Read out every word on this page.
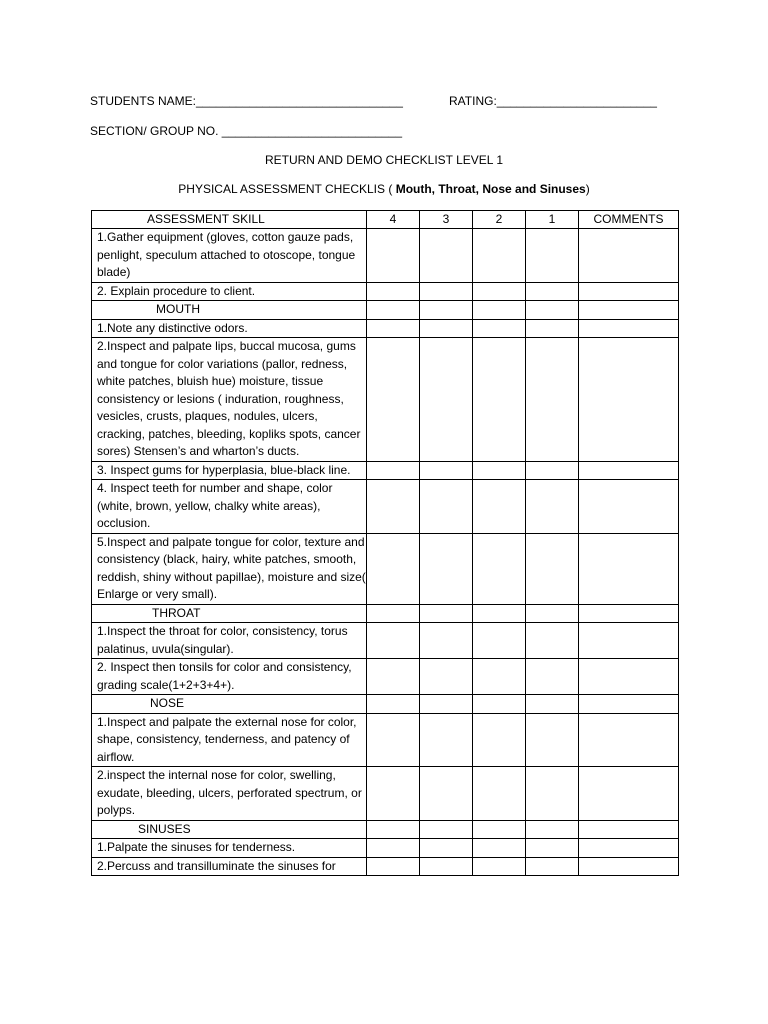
STUDENTS NAME:_______________________________	RATING:________________________
SECTION/ GROUP NO. ___________________________
RETURN AND DEMO CHECKLIST LEVEL 1
PHYSICAL ASSESSMENT CHECKLIS ( Mouth, Throat, Nose and Sinuses)
ASSESSMENT SKILL	4	3	2	1	COMMENTS
1.Gather equipment (gloves, cotton gauze pads, penlight, speculum attached to otoscope, tongue blade)					
2. Explain procedure to client.					
MOUTH					
1.Note any distinctive odors.					
2.Inspect and palpate lips, buccal mucosa, gums and tongue for color variations (pallor, redness, white patches, bluish hue) moisture, tissue consistency or lesions ( induration, roughness, vesicles, crusts, plaques, nodules, ulcers, cracking, patches, bleeding, kopliks spots, cancer sores) Stensen’s and wharton’s ducts.					
3. Inspect gums for hyperplasia, blue-black line.					
4. Inspect teeth for number and shape, color (white, brown, yellow, chalky white areas), occlusion.					
5.Inspect and palpate tongue for color, texture and consistency (black, hairy, white patches, smooth, reddish, shiny without papillae), moisture and size( Enlarge or very small).					
THROAT					
1.Inspect the throat for color, consistency, torus palatinus, uvula(singular).					
2. Inspect then tonsils for color and consistency, grading scale(1+2+3+4+).					
NOSE					
1.Inspect and palpate the external nose for color, shape, consistency, tenderness, and patency of airflow.					
2.inspect the internal nose for color, swelling, exudate, bleeding, ulcers, perforated spectrum, or polyps.					
SINUSES					
1.Palpate the sinuses for tenderness.					
2.Percuss and transilluminate the sinuses for					
